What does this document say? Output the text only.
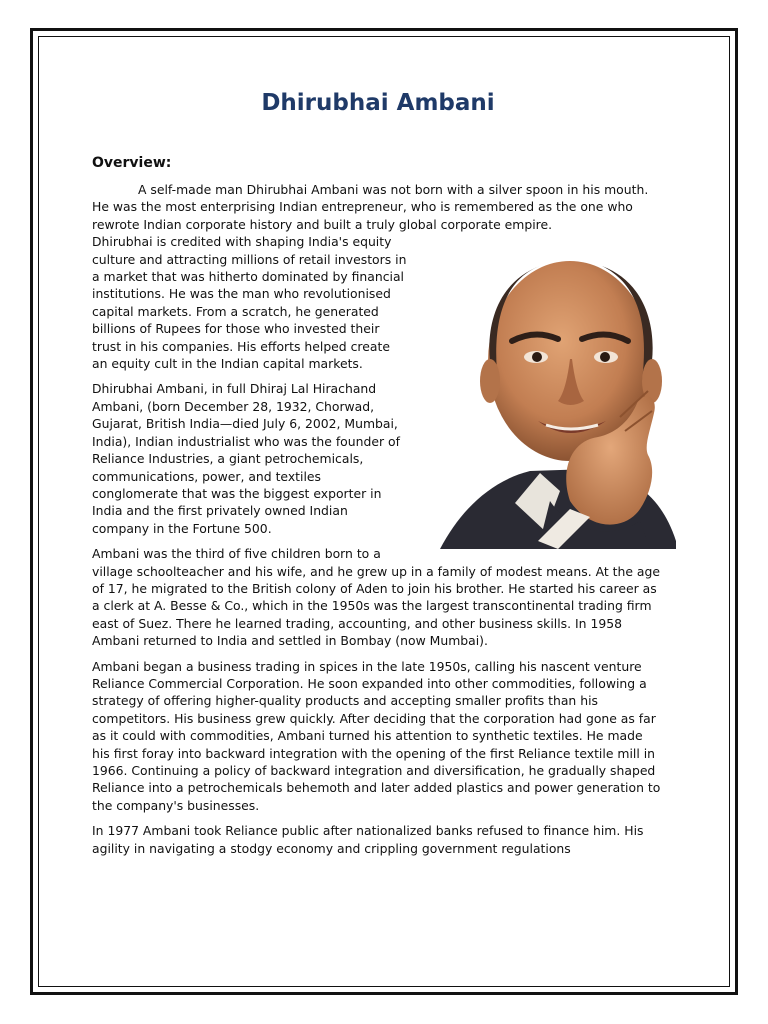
Dhirubhai Ambani
Overview:

A self-made man Dhirubhai Ambani was not born with a silver spoon in his mouth. He was the most enterprising Indian entrepreneur, who is remembered as the one who rewrote Indian corporate history and built a truly global corporate empire.

Dhirubhai is credited with shaping India's equity culture and attracting millions of retail investors in a market that was hitherto dominated by financial institutions. He was the man who revolutionised capital markets. From a scratch, he generated billions of Rupees for those who invested their trust in his companies. His efforts helped create an equity cult in the Indian capital markets.

Dhirubhai Ambani, in full Dhiraj Lal Hirachand Ambani, (born December 28, 1932, Chorwad, Gujarat, British India—died July 6, 2002, Mumbai, India), Indian industrialist who was the founder of Reliance Industries, a giant petrochemicals, communications, power, and textiles conglomerate that was the biggest exporter in India and the first privately owned Indian company in the Fortune 500.

Ambani was the third of five children born to a village schoolteacher and his wife, and he grew up in a family of modest means. At the age of 17, he migrated to the British colony of Aden to join his brother. He started his career as a clerk at A. Besse & Co., which in the 1950s was the largest transcontinental trading firm east of Suez. There he learned trading, accounting, and other business skills. In 1958 Ambani returned to India and settled in Bombay (now Mumbai).

Ambani began a business trading in spices in the late 1950s, calling his nascent venture Reliance Commercial Corporation. He soon expanded into other commodities, following a strategy of offering higher-quality products and accepting smaller profits than his competitors. His business grew quickly. After deciding that the corporation had gone as far as it could with commodities, Ambani turned his attention to synthetic textiles. He made his first foray into backward integration with the opening of the first Reliance textile mill in 1966. Continuing a policy of backward integration and diversification, he gradually shaped Reliance into a petrochemicals behemoth and later added plastics and power generation to the company's businesses.

In 1977 Ambani took Reliance public after nationalized banks refused to finance him. His agility in navigating a stodgy economy and crippling government regulations
